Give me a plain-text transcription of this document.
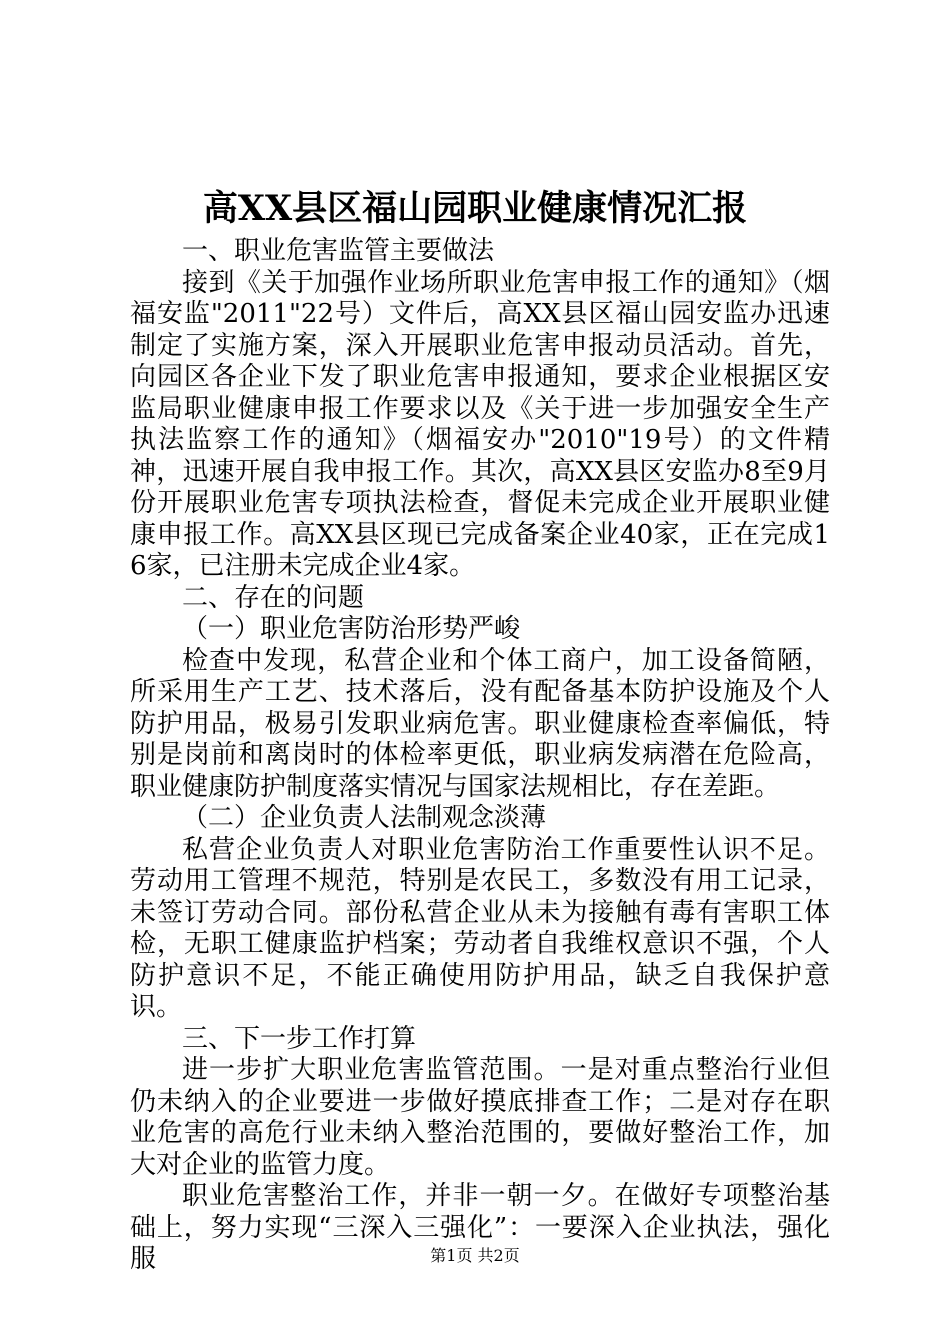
高XX县区福山园职业健康情况汇报

一、职业危害监管主要做法

接到《关于加强作业场所职业危害申报工作的通知》（烟福安监"2011"22号）文件后，高XX县区福山园安监办迅速制定了实施方案，深入开展职业危害申报动员活动。首先，向园区各企业下发了职业危害申报通知，要求企业根据区安监局职业健康申报工作要求以及《关于进一步加强安全生产执法监察工作的通知》（烟福安办"2010"19号）的文件精神，迅速开展自我申报工作。其次，高XX县区安监办8至9月份开展职业危害专项执法检查，督促未完成企业开展职业健康申报工作。高XX县区现已完成备案企业40家，正在完成16家，已注册未完成企业4家。

二、存在的问题

（一）职业危害防治形势严峻

检查中发现，私营企业和个体工商户，加工设备简陋，所采用生产工艺、技术落后，没有配备基本防护设施及个人防护用品，极易引发职业病危害。职业健康检查率偏低，特别是岗前和离岗时的体检率更低，职业病发病潜在危险高，职业健康防护制度落实情况与国家法规相比，存在差距。

（二）企业负责人法制观念淡薄

私营企业负责人对职业危害防治工作重要性认识不足。劳动用工管理不规范，特别是农民工，多数没有用工记录，未签订劳动合同。部份私营企业从未为接触有毒有害职工体检，无职工健康监护档案；劳动者自我维权意识不强，个人防护意识不足，不能正确使用防护用品，缺乏自我保护意识。

三、下一步工作打算

进一步扩大职业危害监管范围。一是对重点整治行业但仍未纳入的企业要进一步做好摸底排查工作；二是对存在职业危害的高危行业未纳入整治范围的，要做好整治工作，加大对企业的监管力度。

职业危害整治工作，并非一朝一夕。在做好专项整治基础上，努力实现“三深入三强化”：一要深入企业执法，强化服	第1页 共2页
